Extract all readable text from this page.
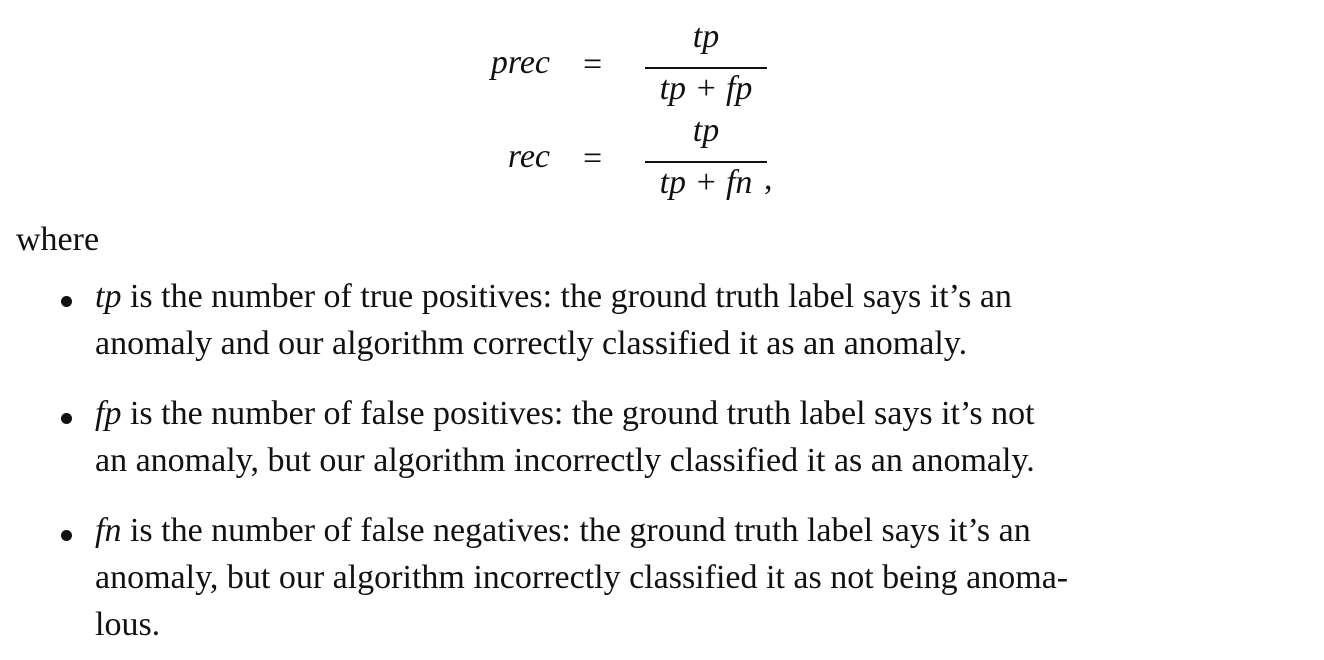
prec =
tp
tp + fp
rec =
tp
tp + fn ,
where
tp is the number of true positives: the ground truth label says it’s an
anomaly and our algorithm correctly classified it as an anomaly.
fp is the number of false positives: the ground truth label says it’s not
an anomaly, but our algorithm incorrectly classified it as an anomaly.
fn is the number of false negatives: the ground truth label says it’s an
anomaly, but our algorithm incorrectly classified it as not being anoma-
lous.
